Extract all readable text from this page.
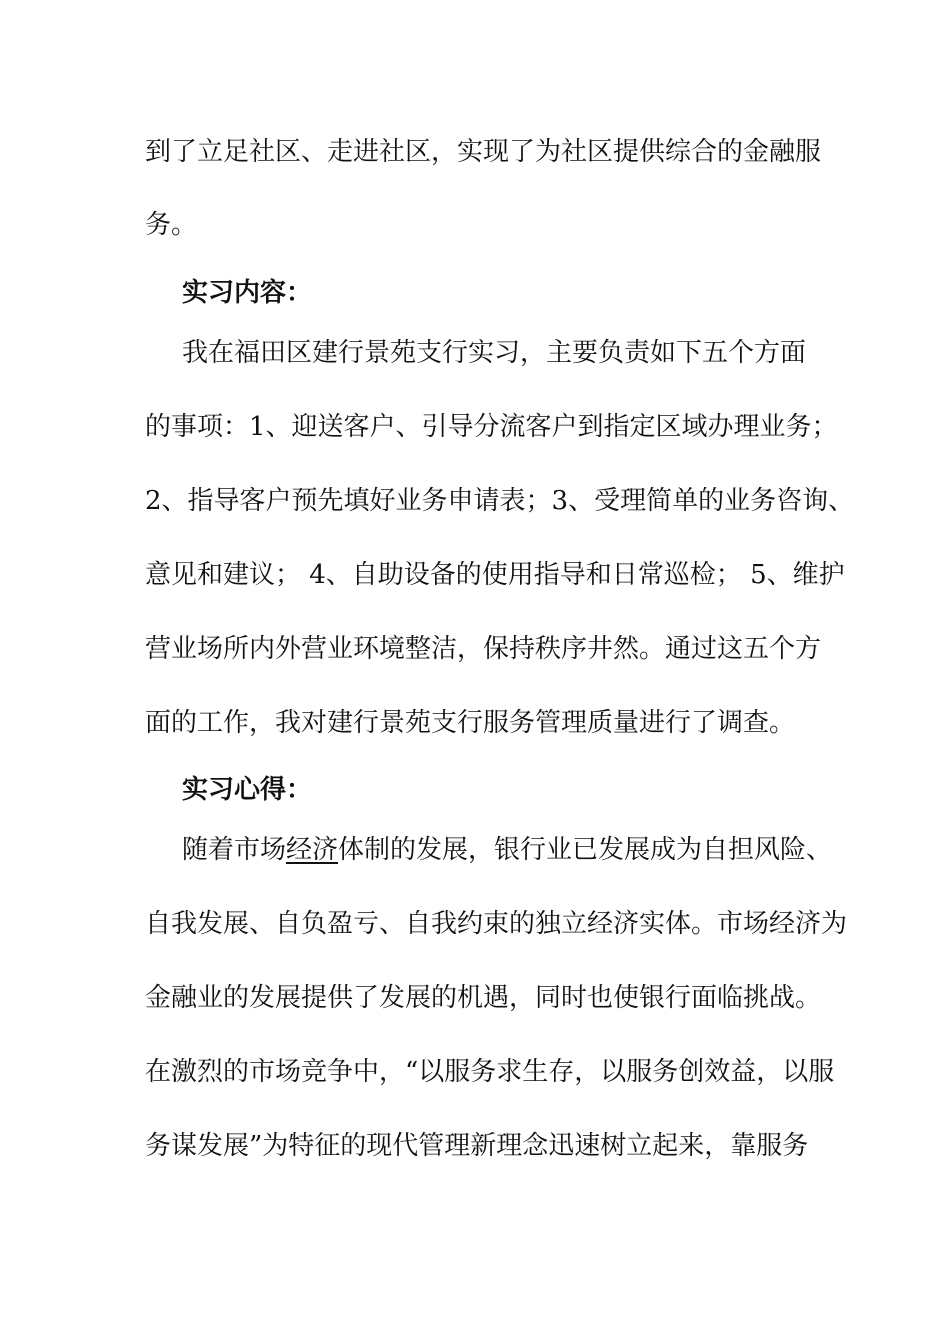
到了立足社区、走进社区，实现了为社区提供综合的金融服
务。
实习内容：
我在福田区建行景苑支行实习，主要负责如下五个方面
的事项：1、迎送客户、引导分流客户到指定区域办理业务；
2、指导客户预先填好业务申请表；3、受理简单的业务咨询、
意见和建议； 4、自助设备的使用指导和日常巡检； 5、维护
营业场所内外营业环境整洁，保持秩序井然。通过这五个方
面的工作，我对建行景苑支行服务管理质量进行了调查。
实习心得：
随着市场经济体制的发展，银行业已发展成为自担风险、
自我发展、自负盈亏、自我约束的独立经济实体。市场经济为
金融业的发展提供了发展的机遇，同时也使银行面临挑战。
在激烈的市场竞争中，“以服务求生存，以服务创效益，以服
务谋发展”为特征的现代管理新理念迅速树立起来，靠服务
